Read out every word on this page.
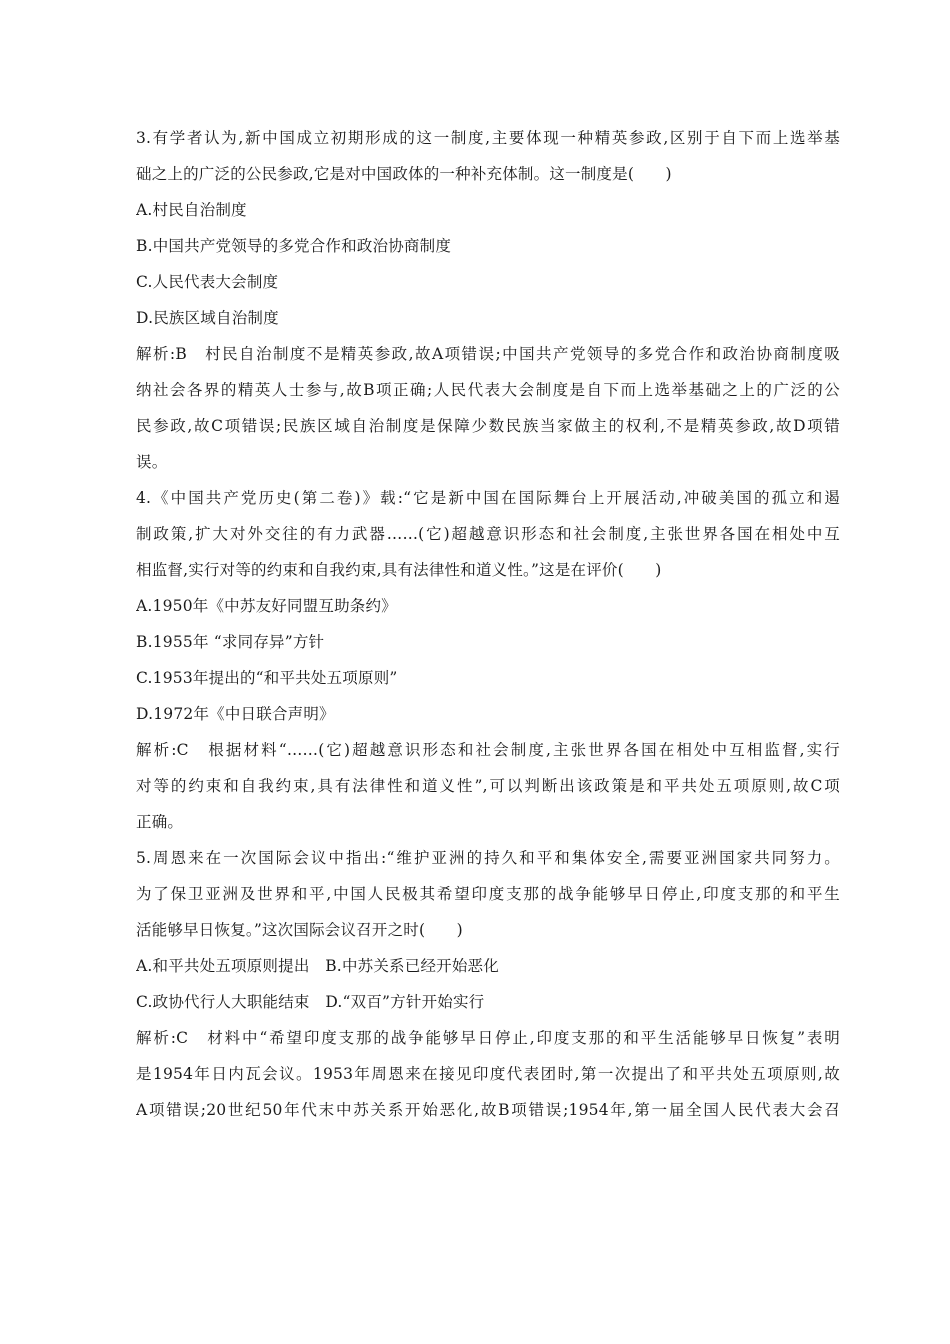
3.有学者认为,新中国成立初期形成的这一制度,主要体现一种精英参政,区别于自下而上选举基
础之上的广泛的公民参政,它是对中国政体的一种补充体制。这一制度是(　　)
A.村民自治制度
B.中国共产党领导的多党合作和政治协商制度
C.人民代表大会制度
D.民族区域自治制度
解析:B　村民自治制度不是精英参政,故A项错误;中国共产党领导的多党合作和政治协商制度吸
纳社会各界的精英人士参与,故B项正确;人民代表大会制度是自下而上选举基础之上的广泛的公
民参政,故C项错误;民族区域自治制度是保障少数民族当家做主的权利,不是精英参政,故D项错
误。
4.《中国共产党历史(第二卷)》载:“它是新中国在国际舞台上开展活动,冲破美国的孤立和遏
制政策,扩大对外交往的有力武器……(它)超越意识形态和社会制度,主张世界各国在相处中互
相监督,实行对等的约束和自我约束,具有法律性和道义性。”这是在评价(　　)
A.1950年《中苏友好同盟互助条约》
B.1955年 “求同存异”方针
C.1953年提出的“和平共处五项原则”
D.1972年《中日联合声明》
解析:C　根据材料“……(它)超越意识形态和社会制度,主张世界各国在相处中互相监督,实行
对等的约束和自我约束,具有法律性和道义性”,可以判断出该政策是和平共处五项原则,故C项
正确。
5.周恩来在一次国际会议中指出:“维护亚洲的持久和平和集体安全,需要亚洲国家共同努力。
为了保卫亚洲及世界和平,中国人民极其希望印度支那的战争能够早日停止,印度支那的和平生
活能够早日恢复。”这次国际会议召开之时(　　)
A.和平共处五项原则提出　B.中苏关系已经开始恶化
C.政协代行人大职能结束　D.“双百”方针开始实行
解析:C　材料中“希望印度支那的战争能够早日停止,印度支那的和平生活能够早日恢复”表明
是1954年日内瓦会议。1953年周恩来在接见印度代表团时,第一次提出了和平共处五项原则,故
A项错误;20世纪50年代末中苏关系开始恶化,故B项错误;1954年,第一届全国人民代表大会召
